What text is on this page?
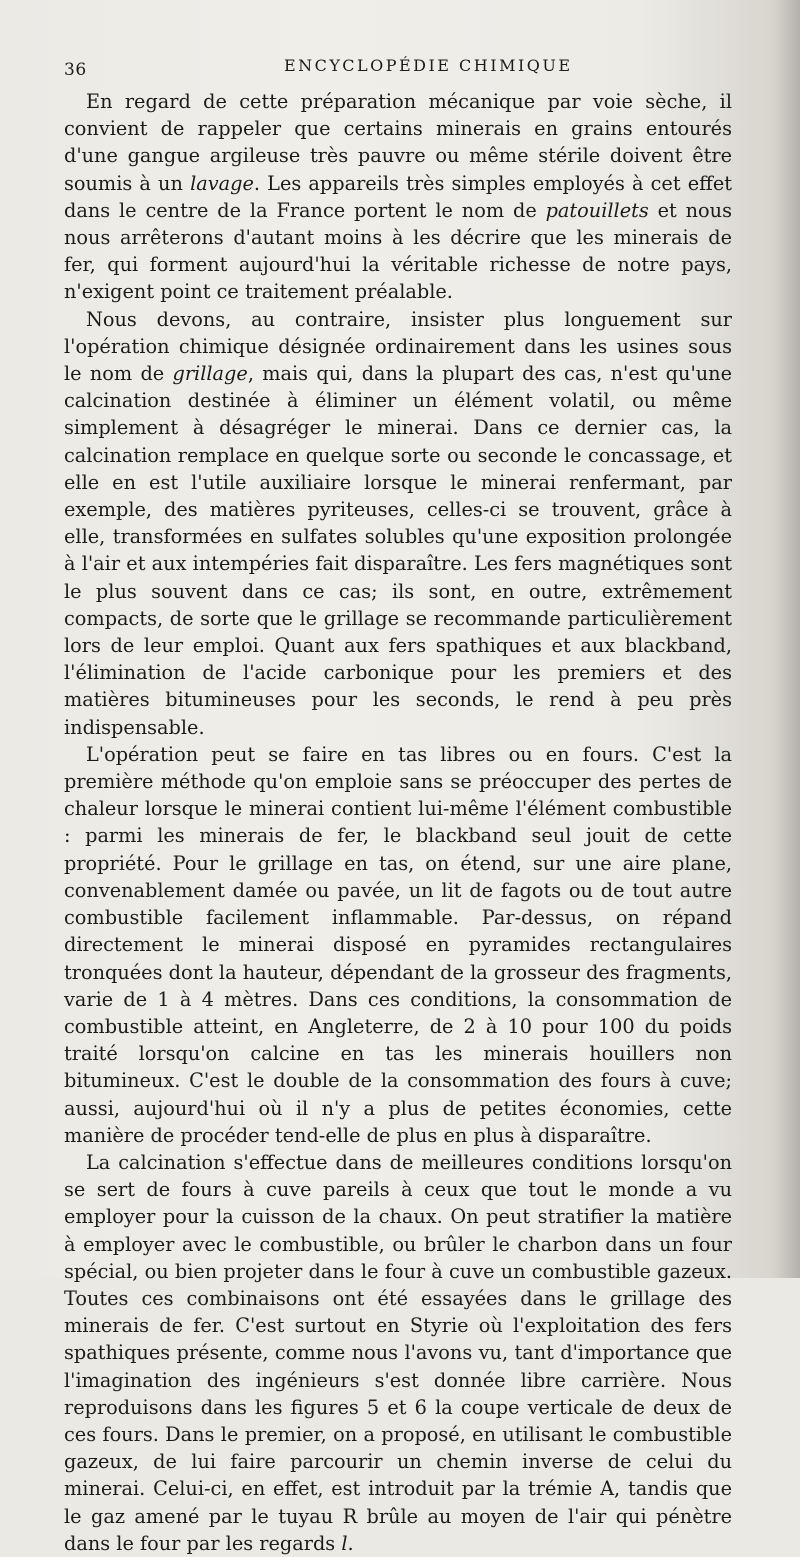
36	ENCYCLOPÉDIE CHIMIQUE

En regard de cette préparation mécanique par voie sèche, il convient de rappeler que certains minerais en grains entourés d'une gangue argileuse très pauvre ou même stérile doivent être soumis à un lavage. Les appareils très simples employés à cet effet dans le centre de la France portent le nom de patouillets et nous nous arrêterons d'autant moins à les décrire que les minerais de fer, qui forment aujourd'hui la véritable richesse de notre pays, n'exigent point ce traitement préalable.

Nous devons, au contraire, insister plus longuement sur l'opération chimique désignée ordinairement dans les usines sous le nom de grillage, mais qui, dans la plupart des cas, n'est qu'une calcination destinée à éliminer un élément volatil, ou même simplement à désagréger le minerai. Dans ce dernier cas, la calcination remplace en quelque sorte ou seconde le concassage, et elle en est l'utile auxiliaire lorsque le minerai renfermant, par exemple, des matières pyriteuses, celles-ci se trouvent, grâce à elle, transformées en sulfates solubles qu'une exposition prolongée à l'air et aux intempéries fait disparaître. Les fers magnétiques sont le plus souvent dans ce cas; ils sont, en outre, extrêmement compacts, de sorte que le grillage se recommande particulièrement lors de leur emploi. Quant aux fers spathiques et aux blackband, l'élimination de l'acide carbonique pour les premiers et des matières bitumineuses pour les seconds, le rend à peu près indispensable.

L'opération peut se faire en tas libres ou en fours. C'est la première méthode qu'on emploie sans se préoccuper des pertes de chaleur lorsque le minerai contient lui-même l'élément combustible : parmi les minerais de fer, le blackband seul jouit de cette propriété. Pour le grillage en tas, on étend, sur une aire plane, convenablement damée ou pavée, un lit de fagots ou de tout autre combustible facilement inflammable. Par-dessus, on répand directement le minerai disposé en pyramides rectangulaires tronquées dont la hauteur, dépendant de la grosseur des fragments, varie de 1 à 4 mètres. Dans ces conditions, la consommation de combustible atteint, en Angleterre, de 2 à 10 pour 100 du poids traité lorsqu'on calcine en tas les minerais houillers non bitumineux. C'est le double de la consommation des fours à cuve; aussi, aujourd'hui où il n'y a plus de petites économies, cette manière de procéder tend-elle de plus en plus à disparaître.

La calcination s'effectue dans de meilleures conditions lorsqu'on se sert de fours à cuve pareils à ceux que tout le monde a vu employer pour la cuisson de la chaux. On peut stratifier la matière à employer avec le combustible, ou brûler le charbon dans un four spécial, ou bien projeter dans le four à cuve un combustible gazeux. Toutes ces combinaisons ont été essayées dans le grillage des minerais de fer. C'est surtout en Styrie où l'exploitation des fers spathiques présente, comme nous l'avons vu, tant d'importance que l'imagination des ingénieurs s'est donnée libre carrière. Nous reproduisons dans les figures 5 et 6 la coupe verticale de deux de ces fours. Dans le premier, on a proposé, en utilisant le combustible gazeux, de lui faire parcourir un chemin inverse de celui du minerai. Celui-ci, en effet, est introduit par la trémie A, tandis que le gaz amené par le tuyau R brûle au moyen de l'air qui pénètre dans le four par les regards l.
